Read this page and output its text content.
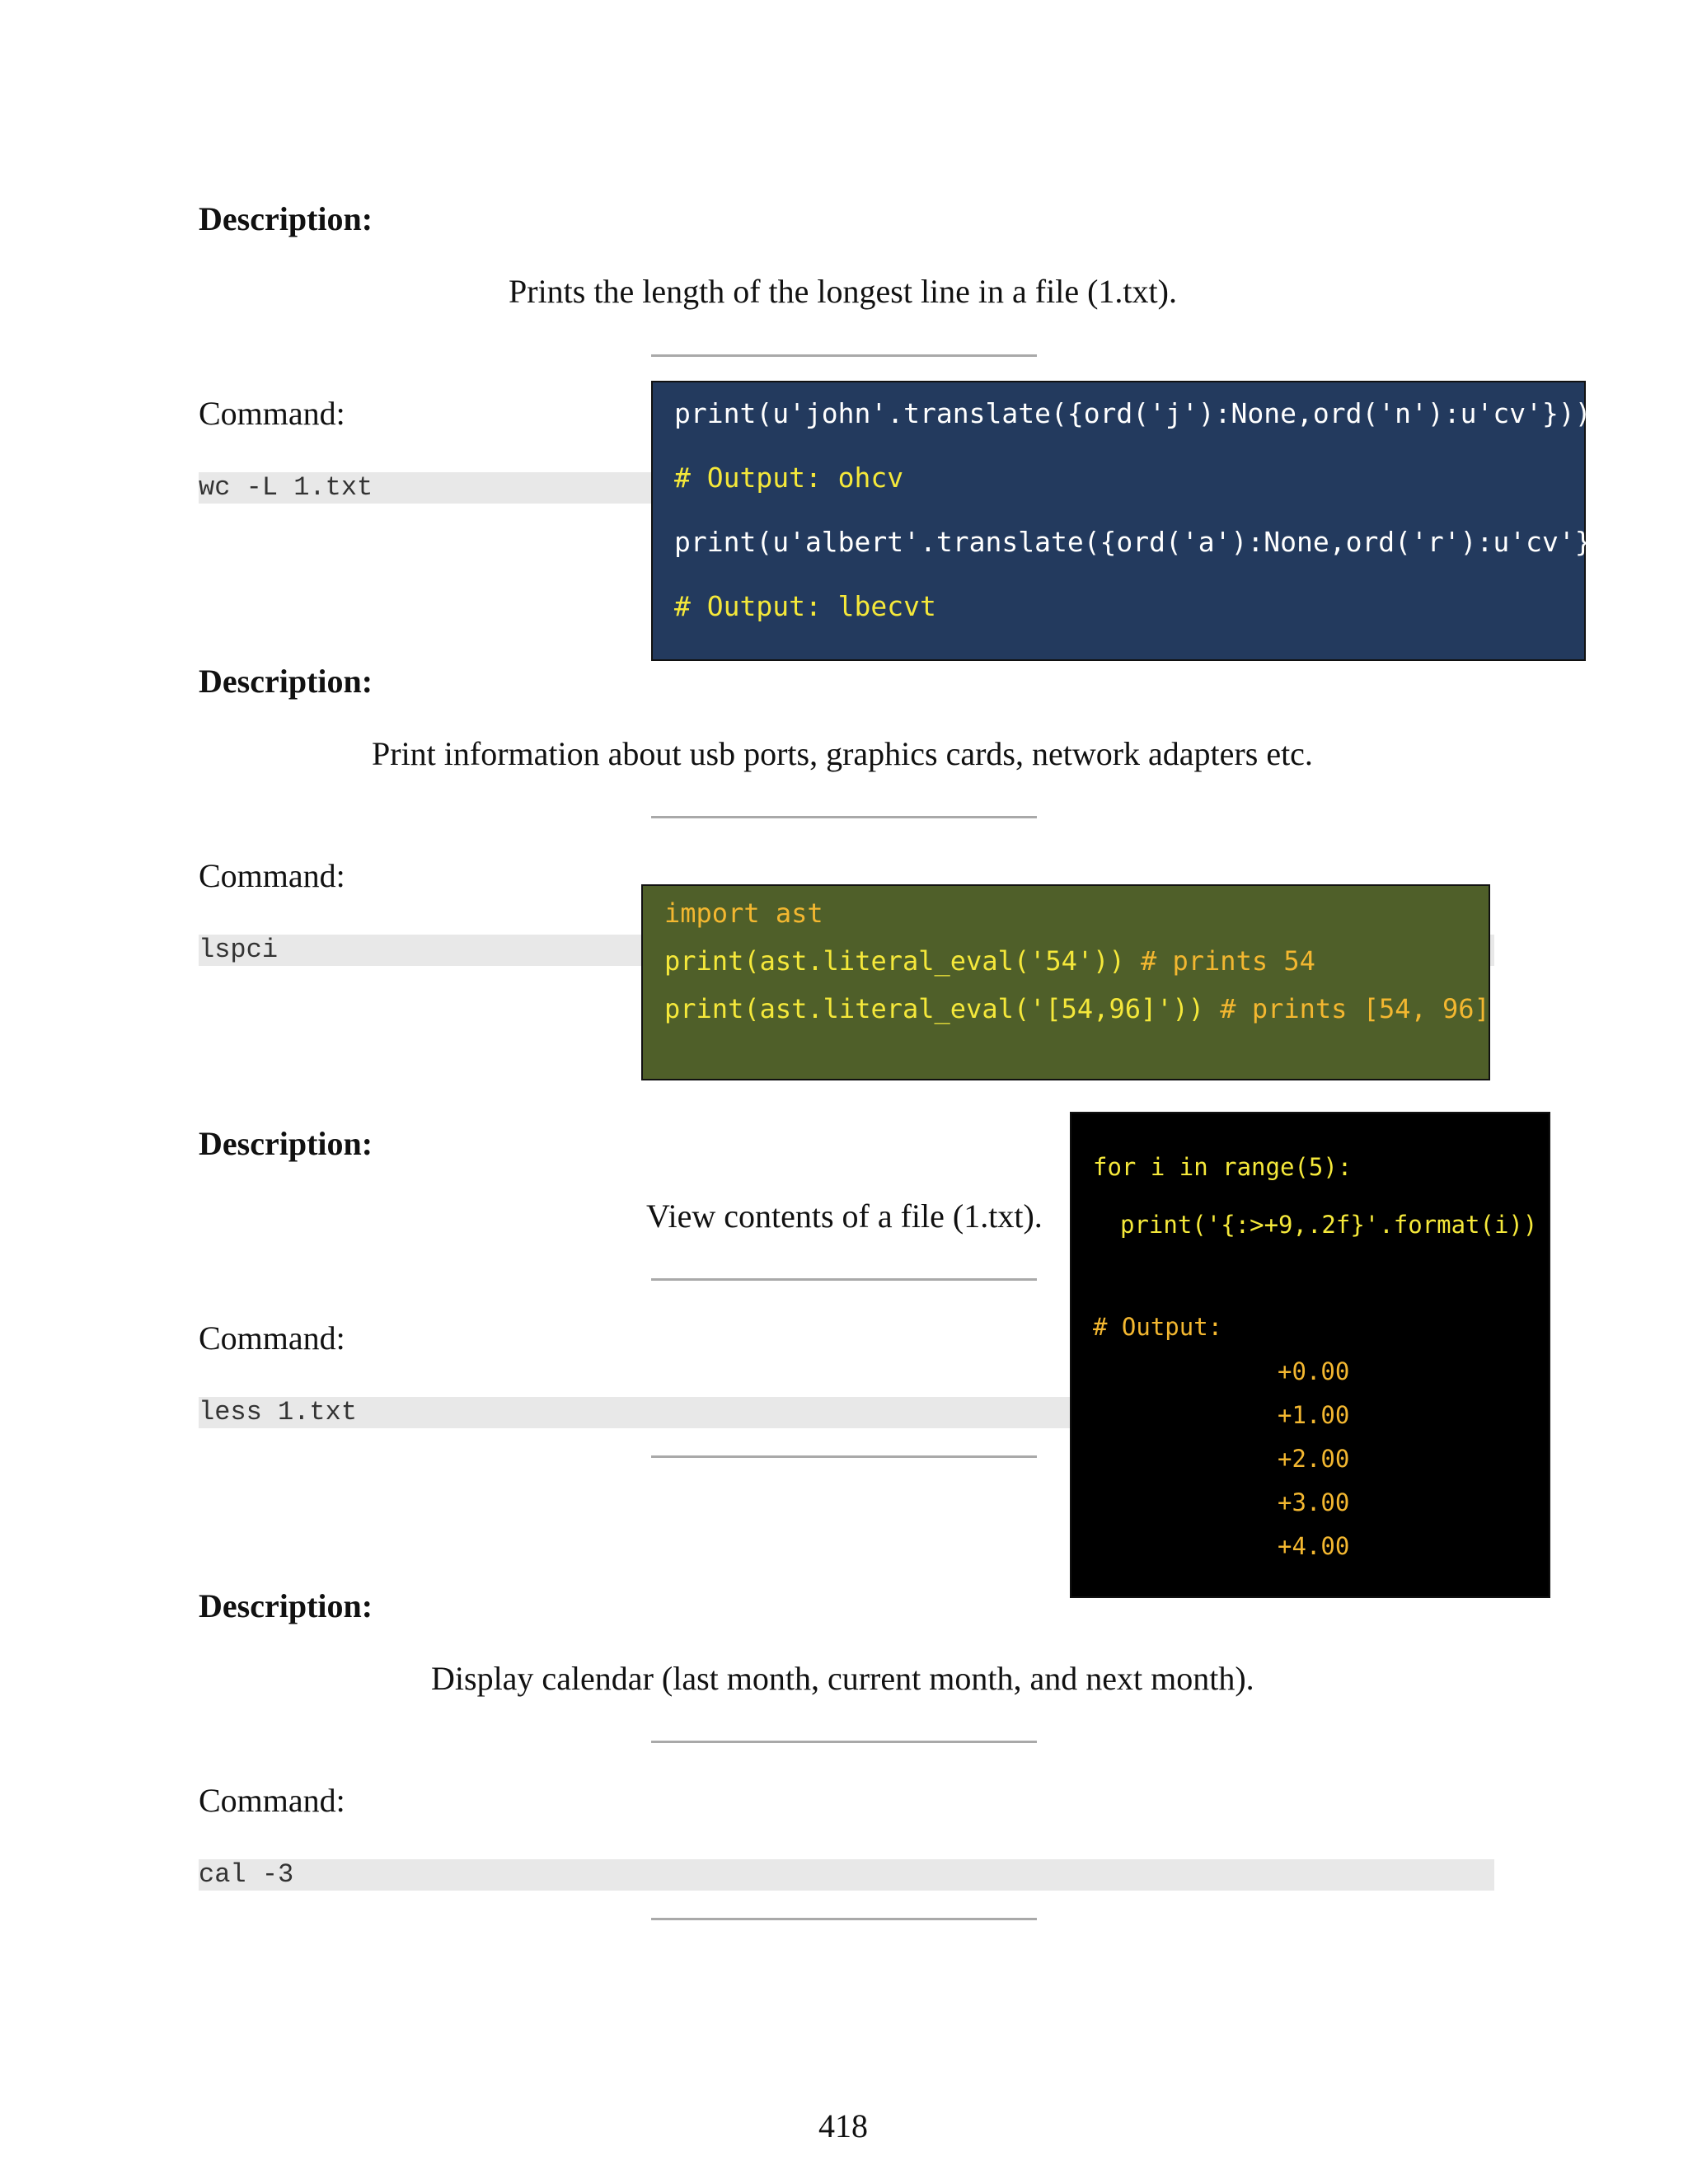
Description:
Prints the length of the longest line in a file (1.txt).
Command:
wc -L 1.txt
Description:
Print information about usb ports, graphics cards, network adapters etc.
Command:
lspci
Description:
View contents of a file (1.txt).
Command:
less 1.txt
Description:
Display calendar (last month, current month, and next month).
Command:
cal -3
print(u'john'.translate({ord('j'):None,ord('n'):u'cv'}))
# Output: ohcv
print(u'albert'.translate({ord('a'):None,ord('r'):u'cv'}))
# Output: lbecvt
import ast
print(ast.literal_eval('54')) # prints 54
print(ast.literal_eval('[54,96]')) # prints [54, 96]
for i in range(5):
print('{:>+9,.2f}'.format(i))
# Output:
+0.00
+1.00
+2.00
+3.00
+4.00
418
